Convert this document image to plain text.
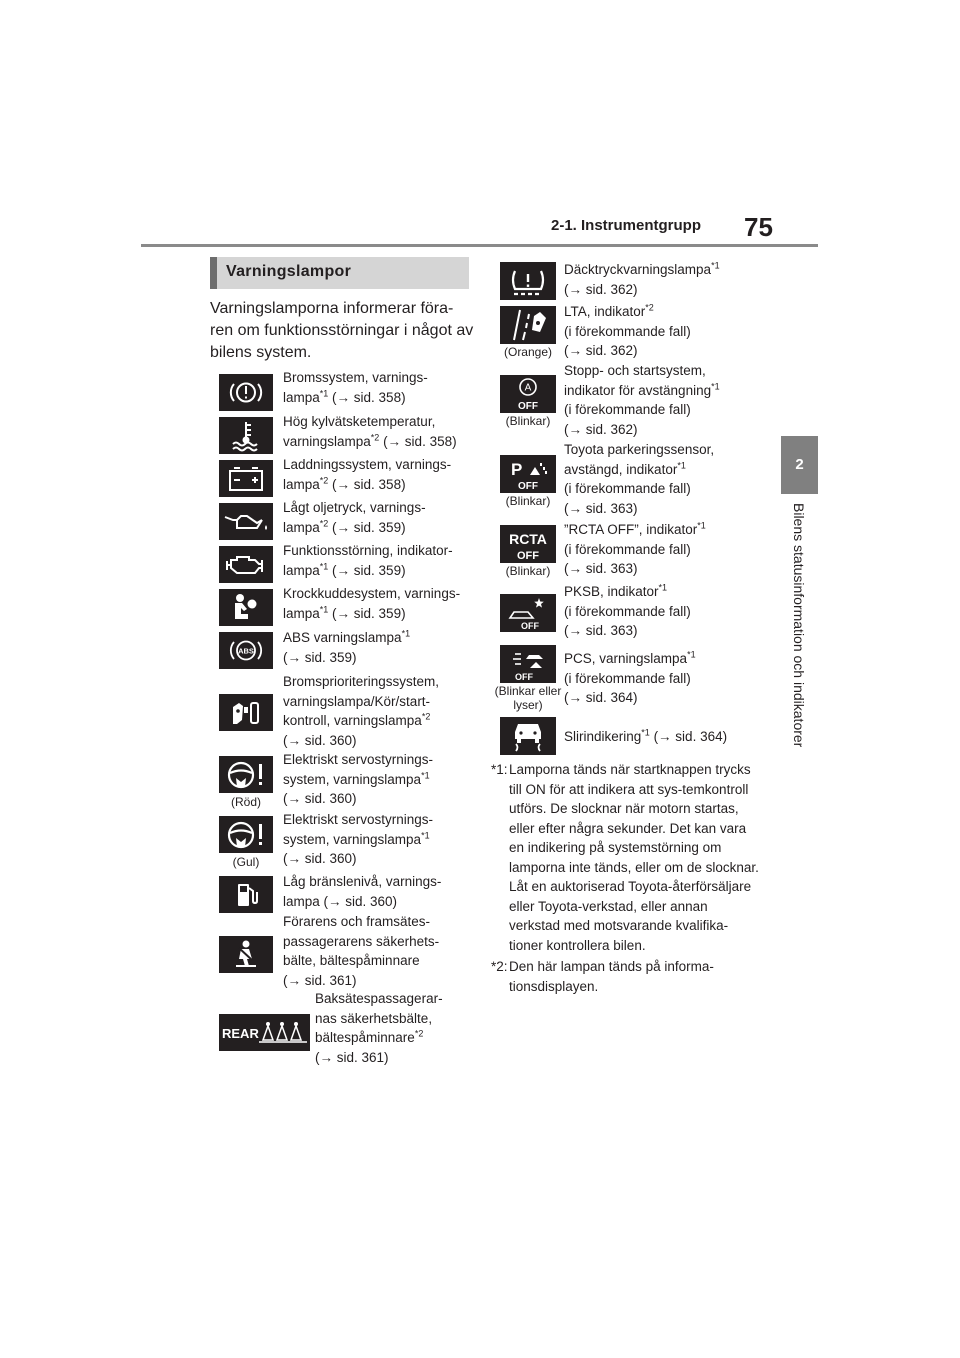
2-1. Instrumentgrupp 75
2
Bilens statusinformation och indikatorer
Varningslampor
Varningslamporna informerar föra-ren om funktionsstörningar i något av bilens system.
Bromssystem, varnings-
lampa$^{*1}$ (→ sid. 358)
Hög kylvätsketemperatur,
varningslampa$^{*2}$ (→ sid. 358)
Laddningssystem, varnings-
lampa$^{*2}$ (→ sid. 358)
Lågt oljetryck, varnings-
lampa$^{*2}$ (→ sid. 359)
Funktionsstörning, indikator-
lampa$^{*1}$ (→ sid. 359)
Krockkuddesystem, varnings-
lampa$^{*1}$ (→ sid. 359)
ABS
ABS varningslampa$^{*1}$
(→ sid. 359)
Bromsprioriteringssystem,
varningslampa/Kör/start-
kontroll, varningslampa$^{*2}$
(→ sid. 360)
(Röd)
Elektriskt servostyrnings-
system, varningslampa$^{*1}$
(→ sid. 360)
(Gul)
Elektriskt servostyrnings-
system, varningslampa$^{*1}$
(→ sid. 360)
Låg bränslenivå, varnings-
lampa (→ sid. 360)
Förarens och framsätes-
passagerarens säkerhets-
bälte, bältespåminnare
(→ sid. 361)
REAR
Baksätespassagerar-
nas säkerhetsbälte,
bältespåminnare$^{*2}$
(→ sid. 361)
Däcktryckvarningslampa$^{*1}$
(→ sid. 362)
(Orange)
LTA, indikator$^{*2}$
(i förekommande fall)
(→ sid. 362)
A
OFF
(Blinkar)
Stopp- och startsystem,
indikator för avstängning$^{*1}$
(i förekommande fall)
(→ sid. 362)
P
OFF
(Blinkar)
Toyota parkeringssensor,
avstängd, indikator$^{*1}$
(i förekommande fall)
(→ sid. 363)
RCTA
OFF
(Blinkar)
”RCTA OFF”, indikator$^{*1}$
(i förekommande fall)
(→ sid. 363)
OFF
PKSB, indikator$^{*1}$
(i förekommande fall)
(→ sid. 363)
OFF
(Blinkar eller lyser)
PCS, varningslampa$^{*1}$
(i förekommande fall)
(→ sid. 364)
Slirindikering$^{*1}$ (→ sid. 364)
*1: Lamporna tänds när startknappen trycks till ON för att indikera att sys-temkontroll utförs. De slocknar när motorn startas, eller efter några sekunder. Det kan vara en indikering på systemstörning om lamporna inte tänds, eller om de slocknar. Låt en auktoriserad Toyota-återförsäljare eller Toyota-verkstad, eller annan verkstad med motsvarande kvalifika-tioner kontrollera bilen.
*2: Den här lampan tänds på informa-tionsdisplayen.
